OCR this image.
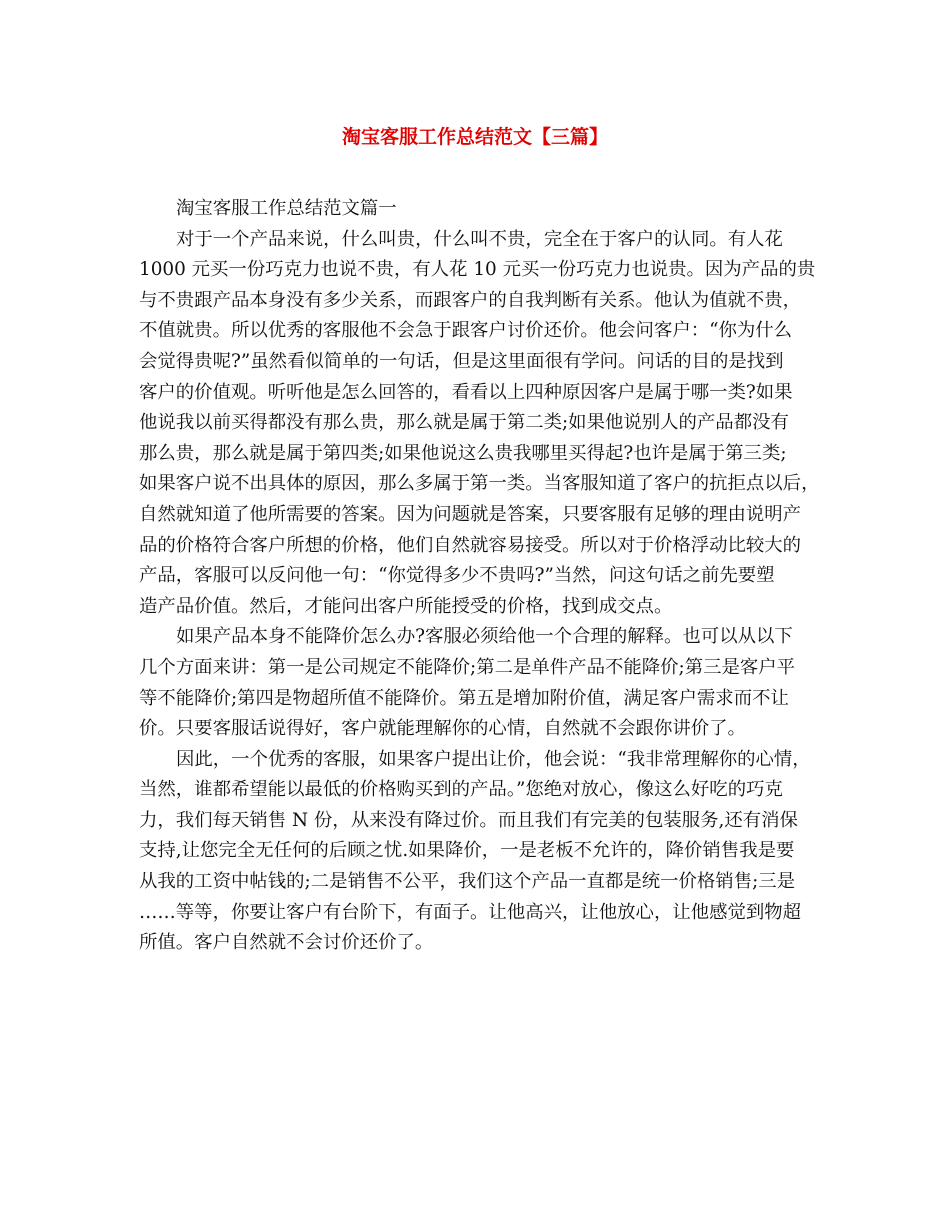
淘宝客服工作总结范文【三篇】
淘宝客服工作总结范文篇一
对于一个产品来说，什么叫贵，什么叫不贵，完全在于客户的认同。有人花
1000 元买一份巧克力也说不贵，有人花 10 元买一份巧克力也说贵。因为产品的贵
与不贵跟产品本身没有多少关系，而跟客户的自我判断有关系。他认为值就不贵，
不值就贵。所以优秀的客服他不会急于跟客户讨价还价。他会问客户：“你为什么
会觉得贵呢?”虽然看似简单的一句话，但是这里面很有学问。问话的目的是找到
客户的价值观。听听他是怎么回答的，看看以上四种原因客户是属于哪一类?如果
他说我以前买得都没有那么贵，那么就是属于第二类;如果他说别人的产品都没有
那么贵，那么就是属于第四类;如果他说这么贵我哪里买得起?也许是属于第三类;
如果客户说不出具体的原因，那么多属于第一类。当客服知道了客户的抗拒点以后，
自然就知道了他所需要的答案。因为问题就是答案，只要客服有足够的理由说明产
品的价格符合客户所想的价格，他们自然就容易接受。所以对于价格浮动比较大的
产品，客服可以反问他一句：“你觉得多少不贵吗?”当然，问这句话之前先要塑
造产品价值。然后，才能问出客户所能授受的价格，找到成交点。
如果产品本身不能降价怎么办?客服必须给他一个合理的解释。也可以从以下
几个方面来讲：第一是公司规定不能降价;第二是单件产品不能降价;第三是客户平
等不能降价;第四是物超所值不能降价。第五是增加附价值，满足客户需求而不让
价。只要客服话说得好，客户就能理解你的心情，自然就不会跟你讲价了。
因此，一个优秀的客服，如果客户提出让价，他会说：“我非常理解你的心情，
当然，谁都希望能以最低的价格购买到的产品。”您绝对放心，像这么好吃的巧克
力，我们每天销售 N 份，从来没有降过价。而且我们有完美的包装服务,还有消保
支持,让您完全无任何的后顾之忧.如果降价，一是老板不允许的，降价销售我是要
从我的工资中帖钱的;二是销售不公平，我们这个产品一直都是统一价格销售;三是
……等等，你要让客户有台阶下，有面子。让他高兴，让他放心，让他感觉到物超
所值。客户自然就不会讨价还价了。
